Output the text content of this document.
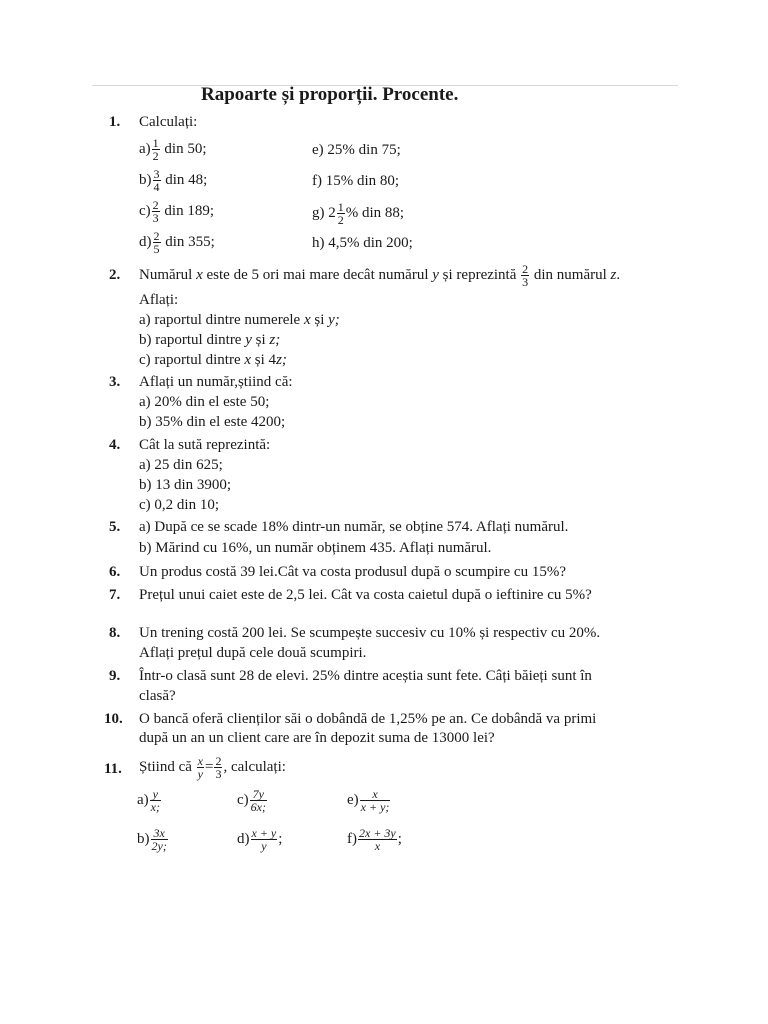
Rapoarte și proporții. Procente.
1. Calculați:
$a) \frac{1}{2}$ din 50;
$b) \frac{3}{4}$ din 48;
$c) \frac{2}{3}$ din 189;
$d) \frac{2}{5}$ din 355;
e) 25% din 75;
f) 15% din 80;
g) $2 \frac{1}{2}$ % din 88;
h) 4,5% din 200;
2. Numărul x este de 5 ori mai mare decât numărul y și reprezintă $\frac{2}{3}$ din numărul z.
Aflați:
a) raportul dintre numerele x și y;
b) raportul dintre y și z;
c) raportul dintre x și 4z;
3. Aflați un număr,știind că:
a) 20% din el este 50;
b) 35% din el este 4200;
4. Cât la sută reprezintă:
a) 25 din 625;
b) 13 din 3900;
c) 0,2 din 10;
5. a) După ce se scade 18% dintr-un număr, se obține 574. Aflați numărul.
b) Mărind cu 16%, un număr obținem 435. Aflați numărul.
6. Un produs costă 39 lei.Cât va costa produsul după o scumpire cu 15%?
7. Prețul unui caiet este de 2,5 lei. Cât va costa caietul după o ieftinire cu 5%?
8. Un trening costă 200 lei. Se scumpește succesiv cu 10% și respectiv cu 20%.
Aflați prețul după cele două scumpiri.
9. Într-o clasă sunt 28 de elevi. 25% dintre aceștia sunt fete. Câți băieți sunt în
clasă?
10. O bancă oferă clienților săi o dobândă de 1,25% pe an. Ce dobândă va primi
după un an un client care are în depozit suma de 13000 lei?
11. Știind că $\frac{x}{y} = \frac{2}{3}$ , calculați:
$a) \frac{y}{x;}$
$b) \frac{3x}{2y;}$
$c) \frac{7y}{6x;}$
$d) \frac{x + y}{y}$ ;
$e) \frac{x}{x + y;}$
$f) \frac{2x + 3y}{x}$ ;
